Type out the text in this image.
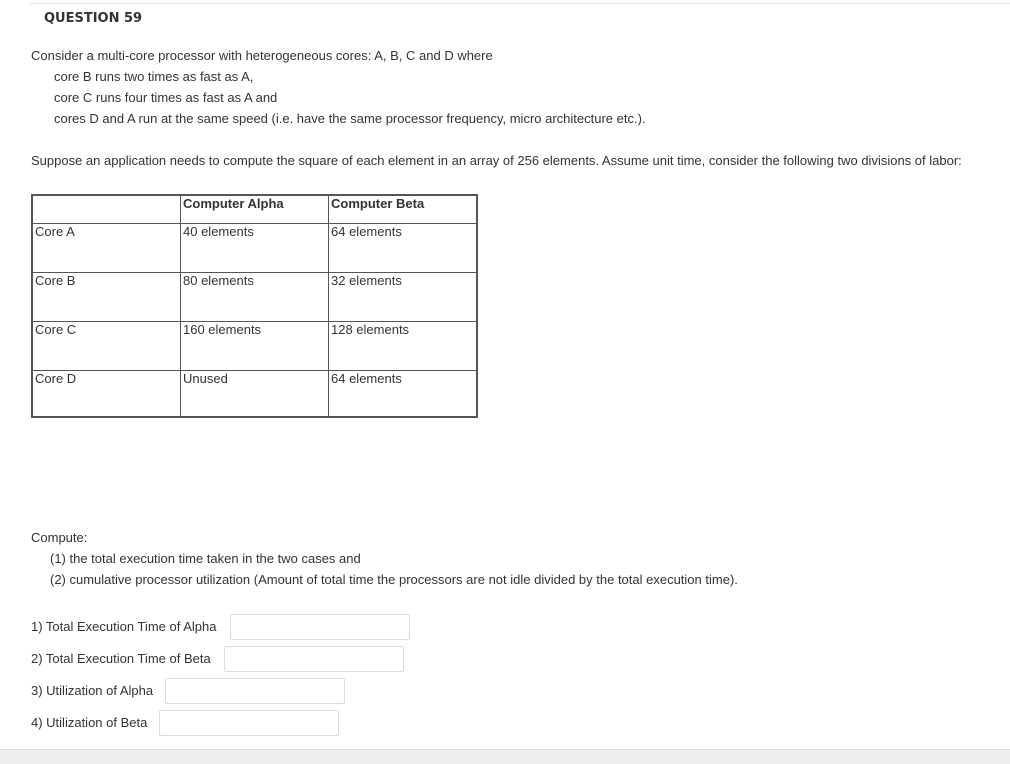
QUESTION 59
Consider a multi-core processor with heterogeneous cores: A, B, C and D where
core B runs two times as fast as A,
core C runs four times as fast as A and
cores D and A run at the same speed (i.e. have the same processor frequency, micro architecture etc.).
Suppose an application needs to compute the square of each element in an array of 256 elements. Assume unit time, consider the following two divisions of labor:
	Computer Alpha	Computer Beta
Core A	40 elements	64 elements
Core B	80 elements	32 elements
Core C	160 elements	128 elements
Core D	Unused	64 elements
Compute:
(1) the total execution time taken in the two cases and
(2) cumulative processor utilization (Amount of total time the processors are not idle divided by the total execution time).
1) Total Execution Time of Alpha
2) Total Execution Time of Beta
3) Utilization of Alpha
4) Utilization of Beta
